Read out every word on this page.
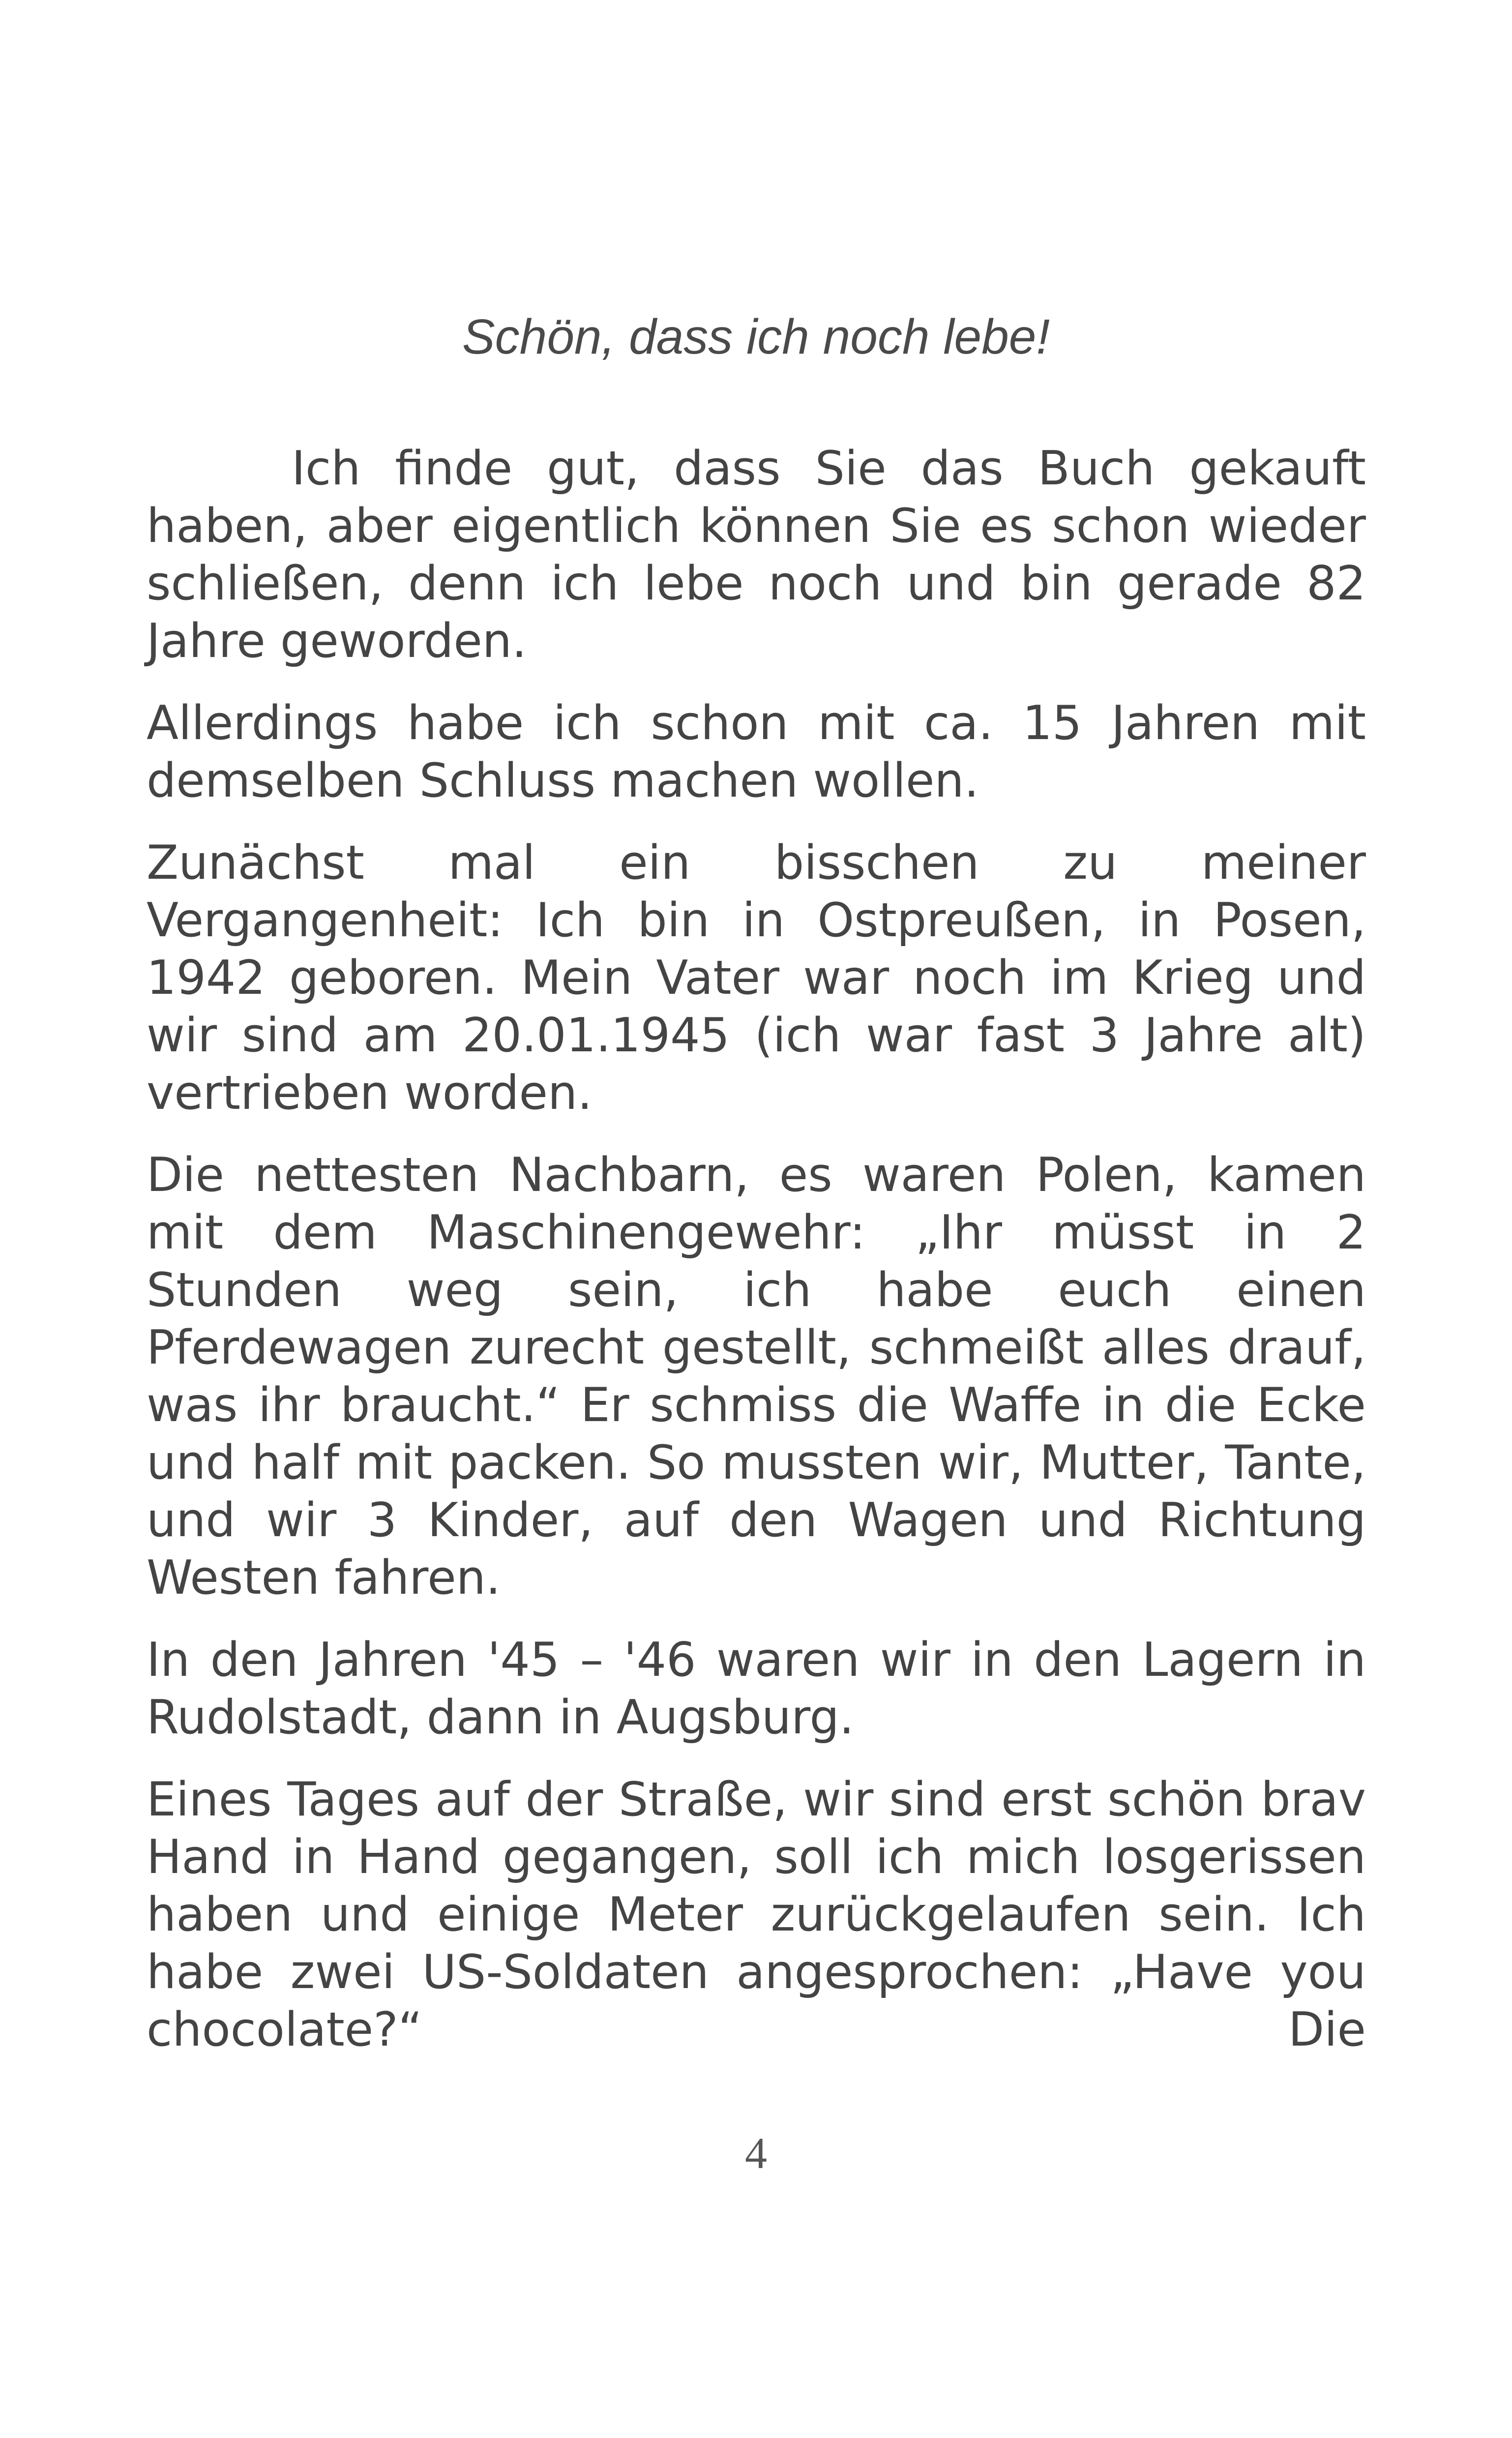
Schön, dass ich noch lebe!

Ich finde gut, dass Sie das Buch gekauft haben, aber eigentlich können Sie es schon wieder schließen, denn ich lebe noch und bin gerade 82 Jahre geworden.

Allerdings habe ich schon mit ca. 15 Jahren mit demselben Schluss machen wollen.

Zunächst mal ein bisschen zu meiner Vergangenheit: Ich bin in Ostpreußen, in Posen, 1942 geboren. Mein Vater war noch im Krieg und wir sind am 20.01.1945 (ich war fast 3 Jahre alt) vertrieben worden.

Die nettesten Nachbarn, es waren Polen, kamen mit dem Maschinengewehr: „Ihr müsst in 2 Stunden weg sein, ich habe euch einen Pferdewagen zurecht gestellt, schmeißt alles drauf, was ihr braucht.“ Er schmiss die Waffe in die Ecke und half mit packen. So mussten wir, Mutter, Tante, und wir 3 Kinder, auf den Wagen und Richtung Westen fahren.

In den Jahren '45 – '46 waren wir in den Lagern in Rudolstadt, dann in Augsburg.

Eines Tages auf der Straße, wir sind erst schön brav Hand in Hand gegangen, soll ich mich losgerissen haben und einige Meter zurückgelaufen sein. Ich habe zwei US-Soldaten angesprochen: „Have you chocolate?“ Die

4
